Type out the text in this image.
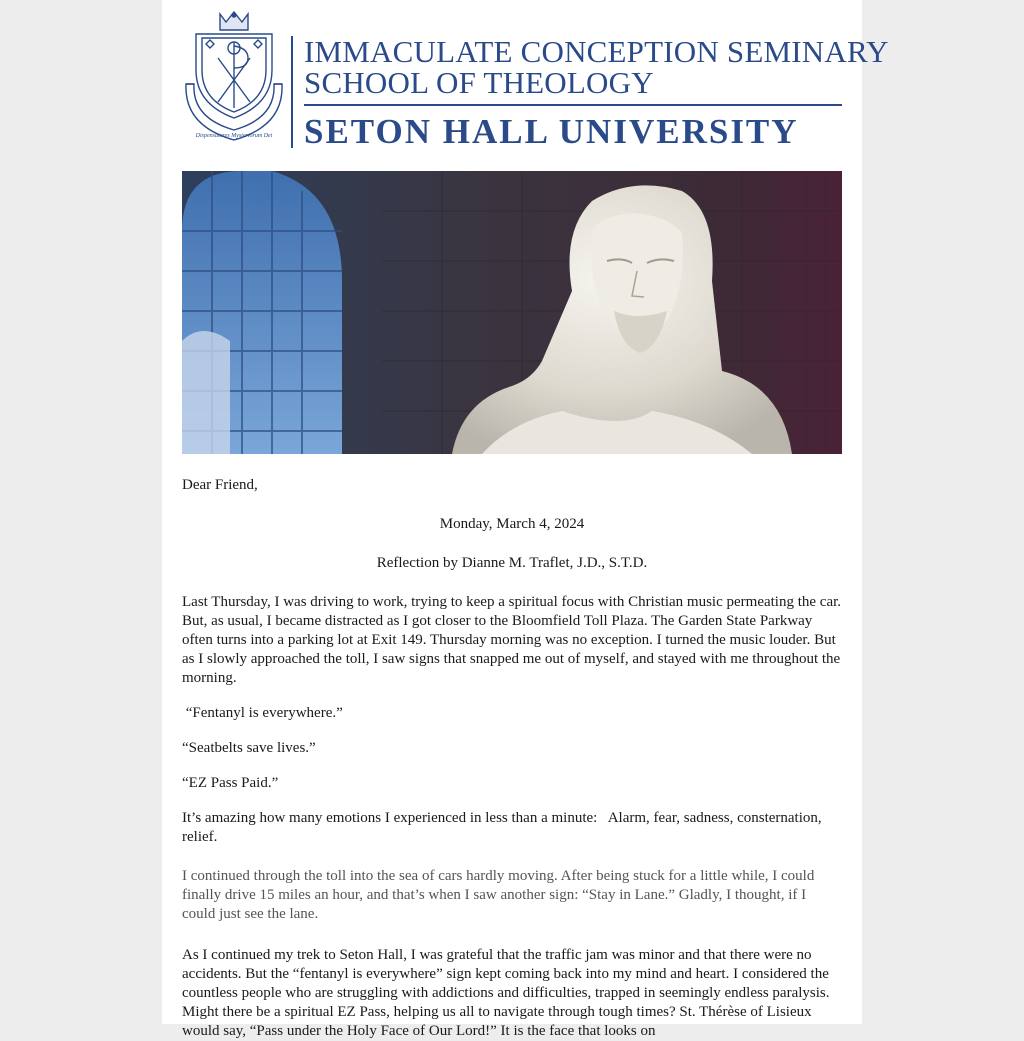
Dispensatores Mysteriorum Dei
IMMACULATE CONCEPTION SEMINARY
SCHOOL OF THEOLOGY
SETON HALL UNIVERSITY

Dear Friend,

Monday, March 4, 2024

Reflection by Dianne M. Traflet, J.D., S.T.D.

Last Thursday, I was driving to work, trying to keep a spiritual focus with Christian music permeating the car. But, as usual, I became distracted as I got closer to the Bloomfield Toll Plaza. The Garden State Parkway often turns into a parking lot at Exit 149. Thursday morning was no exception. I turned the music louder. But as I slowly approached the toll, I saw signs that snapped me out of myself, and stayed with me throughout the morning.

“Fentanyl is everywhere.”

“Seatbelts save lives.”

“EZ Pass Paid.”

It’s amazing how many emotions I experienced in less than a minute:   Alarm, fear, sadness, consternation, relief.

I continued through the toll into the sea of cars hardly moving. After being stuck for a little while, I could finally drive 15 miles an hour, and that’s when I saw another sign: “Stay in Lane.” Gladly, I thought, if I could just see the lane.

As I continued my trek to Seton Hall, I was grateful that the traffic jam was minor and that there were no accidents. But the “fentanyl is everywhere” sign kept coming back into my mind and heart. I considered the countless people who are struggling with addictions and difficulties, trapped in seemingly endless paralysis. Might there be a spiritual EZ Pass, helping us all to navigate through tough times? St. Thérèse of Lisieux would say, “Pass under the Holy Face of Our Lord!” It is the face that looks on
